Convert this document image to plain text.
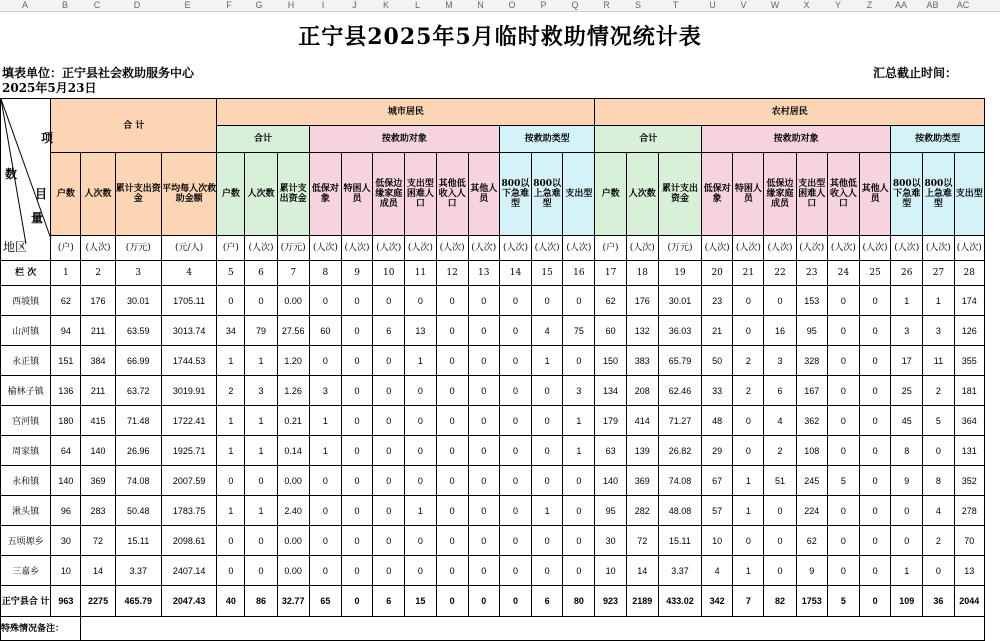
A	B	C	D	E	F	G	H	I	J	K	L	M	N	O	P	Q	R	S	T	U	V	W	X	Y	Z	AA	AB	AC
正宁县2025年5月临时救助情况统计表
填表单位：正宁县社会救助服务中心
2025年5月23日
汇总截止时间：
项
目
数
量
地区	合 计				城市居民												农村居民											
					合计			按救助对象						按救助类型			合计			按救助对象						按救助类型		
	户数	人次数	累计支出资金	平均每人次救助金额	户数	人次数	累计支出资金	低保对象	特困人员	低保边缘家庭成员	支出型困难人口	其他低收入人口	其他人员	800以下急难型	800以上急难型	支出型	户数	人次数	累计支出资金	低保对象	特困人员	低保边缘家庭成员	支出型困难人口	其他低收入人口	其他人员	800以下急难型	800以上急难型	支出型
	(户)	(人次)	(万元)	(元/人)	(户)	(人次)	(万元)	(人次)	(人次)	(人次)	(人次)	(人次)	(人次)	(人次)	(人次)	(人次)	(户)	(人次)	(万元)	(人次)	(人次)	(人次)	(人次)	(人次)	(人次)	(人次)	(人次)	(人次)
栏 次	1	2	3	4	5	6	7	8	9	10	11	12	13	14	15	16	17	18	19	20	21	22	23	24	25	26	27	28
西坡镇	62	176	30.01	1705.11	0	0	0.00	0	0	0	0	0	0	0	0	0	62	176	30.01	23	0	0	153	0	0	1	1	174
山河镇	94	211	63.59	3013.74	34	79	27.56	60	0	6	13	0	0	0	4	75	60	132	36.03	21	0	16	95	0	0	3	3	126
永正镇	151	384	66.99	1744.53	1	1	1.20	0	0	0	1	0	0	0	1	0	150	383	65.79	50	2	3	328	0	0	17	11	355
榆林子镇	136	211	63.72	3019.91	2	3	1.26	3	0	0	0	0	0	0	0	3	134	208	62.46	33	2	6	167	0	0	25	2	181
宫河镇	180	415	71.48	1722.41	1	1	0.21	1	0	0	0	0	0	0	0	1	179	414	71.27	48	0	4	362	0	0	45	5	364
周家镇	64	140	26.96	1925.71	1	1	0.14	1	0	0	0	0	0	0	0	1	63	139	26.82	29	0	2	108	0	0	8	0	131
永和镇	140	369	74.08	2007.59	0	0	0.00	0	0	0	0	0	0	0	0	0	140	369	74.08	67	1	51	245	5	0	9	8	352
湫头镇	96	283	50.48	1783.75	1	1	2.40	0	0	0	1	0	0	0	1	0	95	282	48.08	57	1	0	224	0	0	0	4	278
五顷塬乡	30	72	15.11	2098.61	0	0	0.00	0	0	0	0	0	0	0	0	0	30	72	15.11	10	0	0	62	0	0	0	2	70
三嘉乡	10	14	3.37	2407.14	0	0	0.00	0	0	0	0	0	0	0	0	0	10	14	3.37	4	1	0	9	0	0	1	0	13
正宁县合 计	963	2275	465.79	2047.43	40	86	32.77	65	0	6	15	0	0	0	6	80	923	2189	433.02	342	7	82	1753	5	0	109	36	2044
特殊情况备注：																												
